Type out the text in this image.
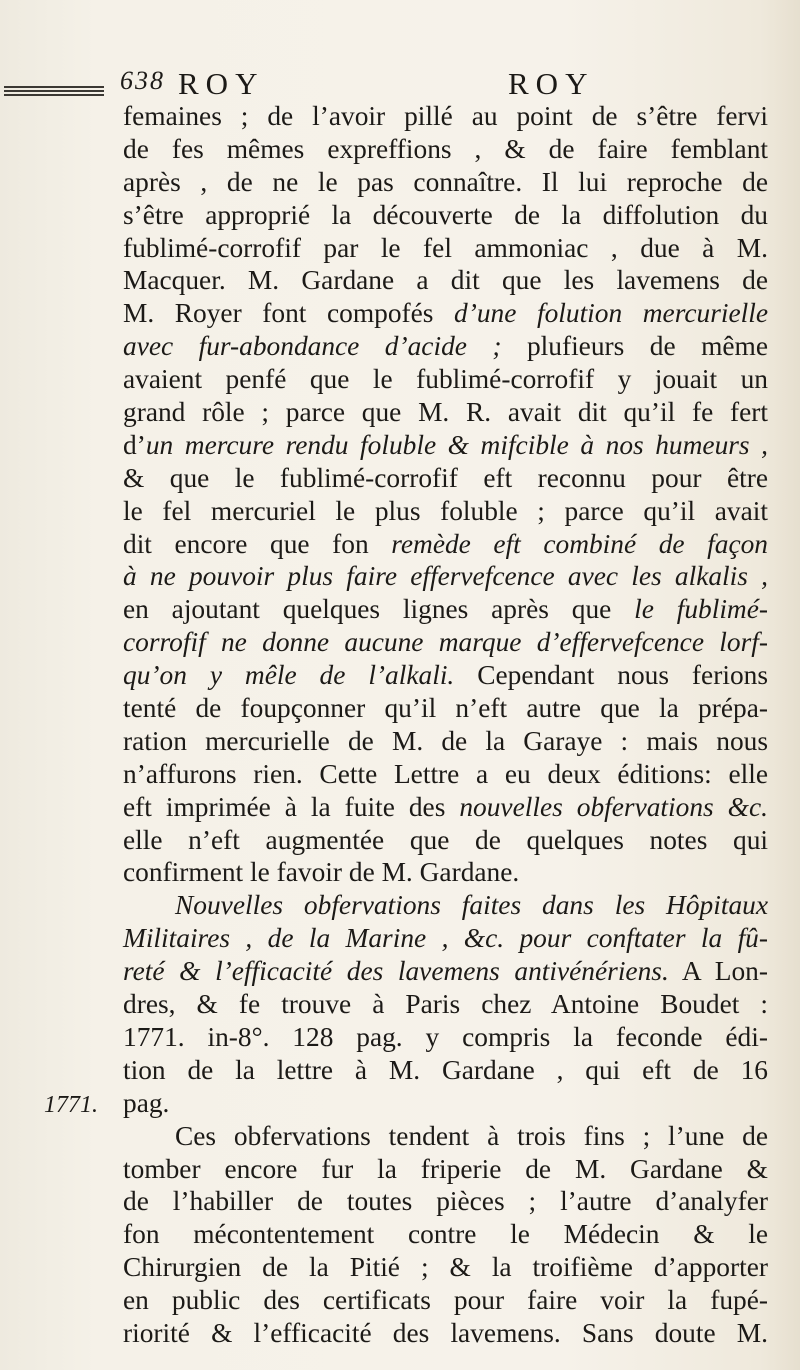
638 ROY	ROY
1771.
femaines ; de l’avoir pillé au point de s’être fervi
de fes mêmes expreffions , & de faire femblant
après , de ne le pas connaître. Il lui reproche de
s’être approprié la découverte de la diffolution du
fublimé-corrofif par le fel ammoniac , due à M.
Macquer. M. Gardane a dit que les lavemens de
M. Royer font compofés d’une folution mercurielle
avec fur-abondance d’acide ; plufieurs de même
avaient penfé que le fublimé-corrofif y jouait un
grand rôle ; parce que M. R. avait dit qu’il fe fert
d’un mercure rendu foluble & mifcible à nos humeurs ,
& que le fublimé-corrofif eft reconnu pour être
le fel mercuriel le plus foluble ; parce qu’il avait
dit encore que fon remède eft combiné de façon
à ne pouvoir plus faire effervefcence avec les alkalis ,
en ajoutant quelques lignes après que le fublimé-
corrofif ne donne aucune marque d’effervefcence lorf-
qu’on y mêle de l’alkali. Cependant nous ferions
tenté de foupçonner qu’il n’eft autre que la prépa-
ration mercurielle de M. de la Garaye : mais nous
n’affurons rien. Cette Lettre a eu deux éditions: elle
eft imprimée à la fuite des nouvelles obfervations &c.
elle n’eft augmentée que de quelques notes qui
confirment le favoir de M. Gardane.
Nouvelles obfervations faites dans les Hôpitaux
Militaires , de la Marine , &c. pour conftater la fû-
reté & l’efficacité des lavemens antivénériens. A Lon-
dres, & fe trouve à Paris chez Antoine Boudet :
1771. in-8°. 128 pag. y compris la feconde édi-
tion de la lettre à M. Gardane , qui eft de 16
pag.
Ces obfervations tendent à trois fins ; l’une de
tomber encore fur la friperie de M. Gardane &
de l’habiller de toutes pièces ; l’autre d’analyfer
fon mécontentement contre le Médecin & le
Chirurgien de la Pitié ; & la troifième d’apporter
en public des certificats pour faire voir la fupé-
riorité & l’efficacité des lavemens. Sans doute M.
